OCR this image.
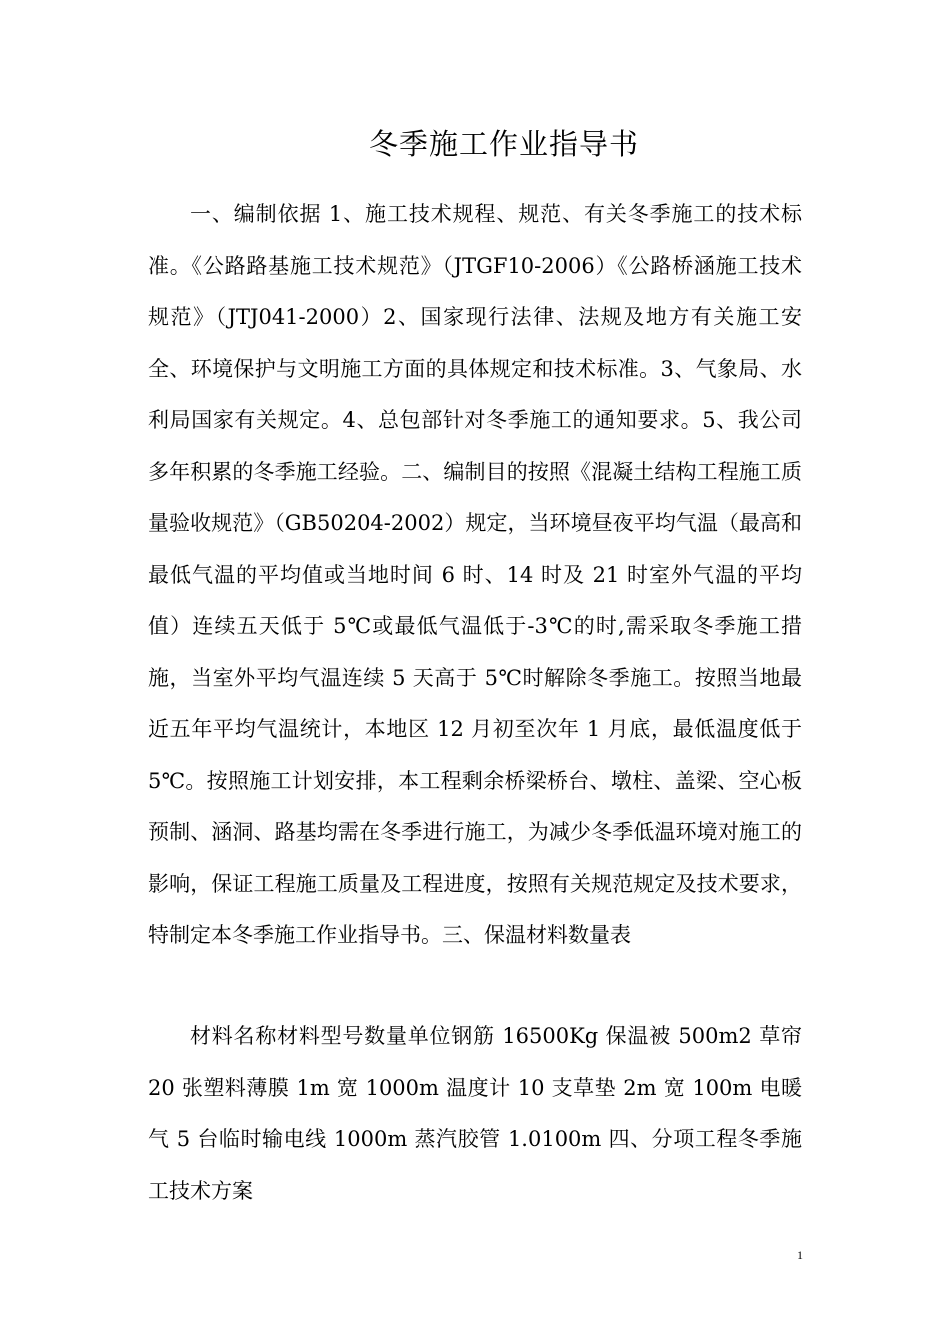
冬季施工作业指导书

一、编制依据 1、施工技术规程、规范、有关冬季施工的技术标准。《公路路基施工技术规范》（JTGF10-2006）《公路桥涵施工技术规范》（JTJ041-2000）2、国家现行法律、法规及地方有关施工安全、环境保护与文明施工方面的具体规定和技术标准。3、气象局、水利局国家有关规定。4、总包部针对冬季施工的通知要求。5、我公司多年积累的冬季施工经验。二、编制目的按照《混凝土结构工程施工质量验收规范》（GB50204-2002）规定，当环境昼夜平均气温（最高和最低气温的平均值或当地时间 6 时、14 时及 21 时室外气温的平均值）连续五天低于 5℃或最低气温低于-3℃的时,需采取冬季施工措施，当室外平均气温连续 5 天高于 5℃时解除冬季施工。按照当地最近五年平均气温统计，本地区 12 月初至次年 1 月底，最低温度低于 5℃。按照施工计划安排，本工程剩余桥梁桥台、墩柱、盖梁、空心板预制、涵洞、路基均需在冬季进行施工，为减少冬季低温环境对施工的影响，保证工程施工质量及工程进度，按照有关规范规定及技术要求，特制定本冬季施工作业指导书。三、保温材料数量表

材料名称材料型号数量单位钢筋 16500Kg 保温被 500m2 草帘 20 张塑料薄膜 1m 宽 1000m 温度计 10 支草垫 2m 宽 100m 电暖气 5 台临时输电线 1000m 蒸汽胶管 1.0100m 四、分项工程冬季施工技术方案

1
